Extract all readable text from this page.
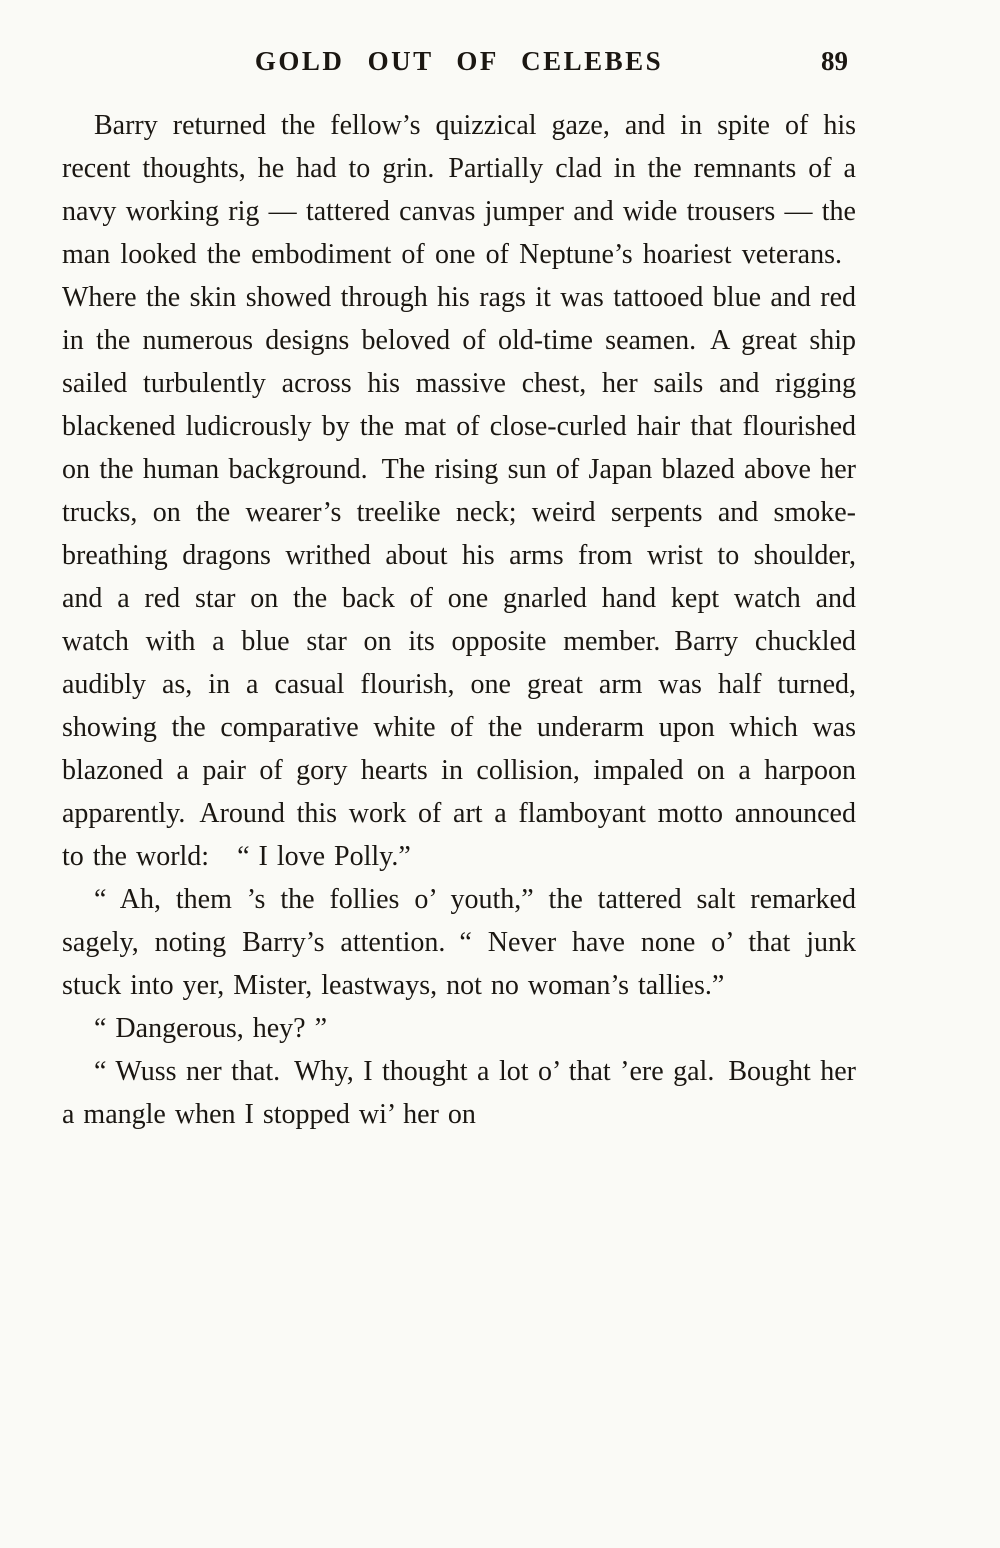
GOLD OUT OF CELEBES	89

Barry returned the fellow’s quizzical gaze, and in spite of his recent thoughts, he had to grin. Partially clad in the remnants of a navy working rig — tattered canvas jumper and wide trousers — the man looked the embodiment of one of Neptune’s hoariest veterans. Where the skin showed through his rags it was tattooed blue and red in the numerous designs beloved of old-time seamen. A great ship sailed turbulently across his massive chest, her sails and rigging blackened ludicrously by the mat of close-curled hair that flourished on the human background. The rising sun of Japan blazed above her trucks, on the wearer’s treelike neck; weird serpents and smoke-breathing dragons writhed about his arms from wrist to shoulder, and a red star on the back of one gnarled hand kept watch and watch with a blue star on its opposite member. Barry chuckled audibly as, in a casual flourish, one great arm was half turned, showing the comparative white of the underarm upon which was blazoned a pair of gory hearts in collision, impaled on a harpoon apparently. Around this work of art a flamboyant motto announced to the world: “ I love Polly.”

“ Ah, them ’s the follies o’ youth,” the tattered salt remarked sagely, noting Barry’s attention. “ Never have none o’ that junk stuck into yer, Mister, leastways, not no woman’s tallies.”

“ Dangerous, hey? ”

“ Wuss ner that. Why, I thought a lot o’ that ’ere gal. Bought her a mangle when I stopped wi’ her on
